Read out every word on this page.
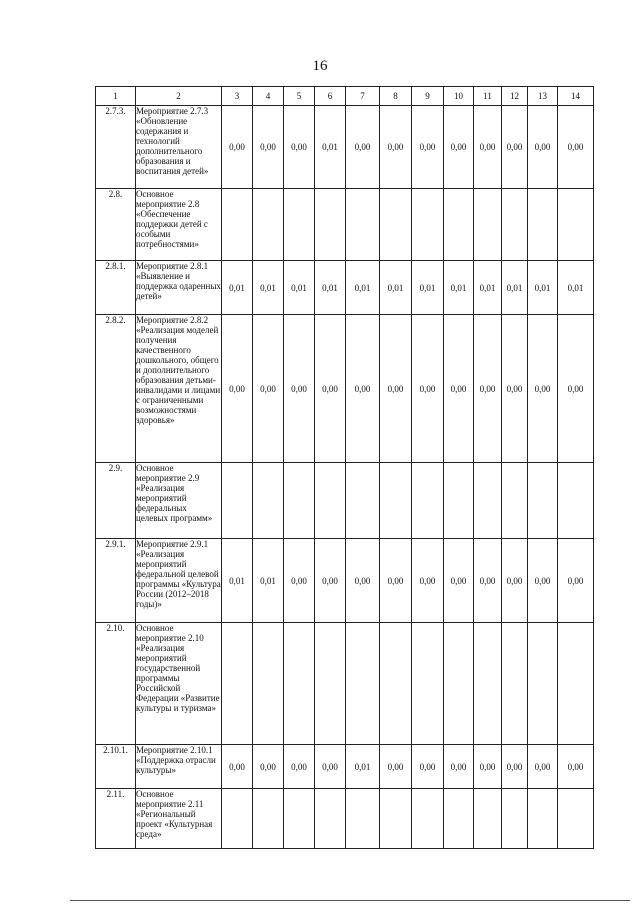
16
1	2	3	4	5	6	7	8	9	10	11	12	13	14
2.7.3.	Мероприятие 2.7.3 «Обновление содержания и технологий дополнительного образования и воспитания детей»	0,00	0,00	0,00	0,01	0,00	0,00	0,00	0,00	0,00	0,00	0,00	0,00
2.8.	Основное мероприятие 2.8 «Обеспечение поддержки детей с особыми потребностями»												
2.8.1.	Мероприятие 2.8.1 «Выявление и поддержка одаренных детей»	0,01	0,01	0,01	0,01	0,01	0,01	0,01	0,01	0,01	0,01	0,01	0,01
2.8.2.	Мероприятие 2.8.2 «Реализация моделей получения качественного дошкольного, общего и дополнительного образования детьми-инвалидами и лицами с ограниченными возможностями здоровья»	0,00	0,00	0,00	0,00	0,00	0,00	0,00	0,00	0,00	0,00	0,00	0,00
2.9.	Основное мероприятие 2.9 «Реализация мероприятий федеральных целевых программ»												
2.9.1.	Мероприятие 2.9.1 «Реализация мероприятий федеральной целевой программы «Культура России (2012–2018 годы)»	0,01	0,01	0,00	0,00	0,00	0,00	0,00	0,00	0,00	0,00	0,00	0,00
2.10.	Основное мероприятие 2.10 «Реализация мероприятий государственной программы Российской Федерации «Развитие культуры и туризма»												
2.10.1.	Мероприятие 2.10.1 «Поддержка отрасли культуры»	0,00	0,00	0,00	0,00	0,01	0,00	0,00	0,00	0,00	0,00	0,00	0,00
2.11.	Основное мероприятие 2.11 «Региональный проект «Культурная среда»												
